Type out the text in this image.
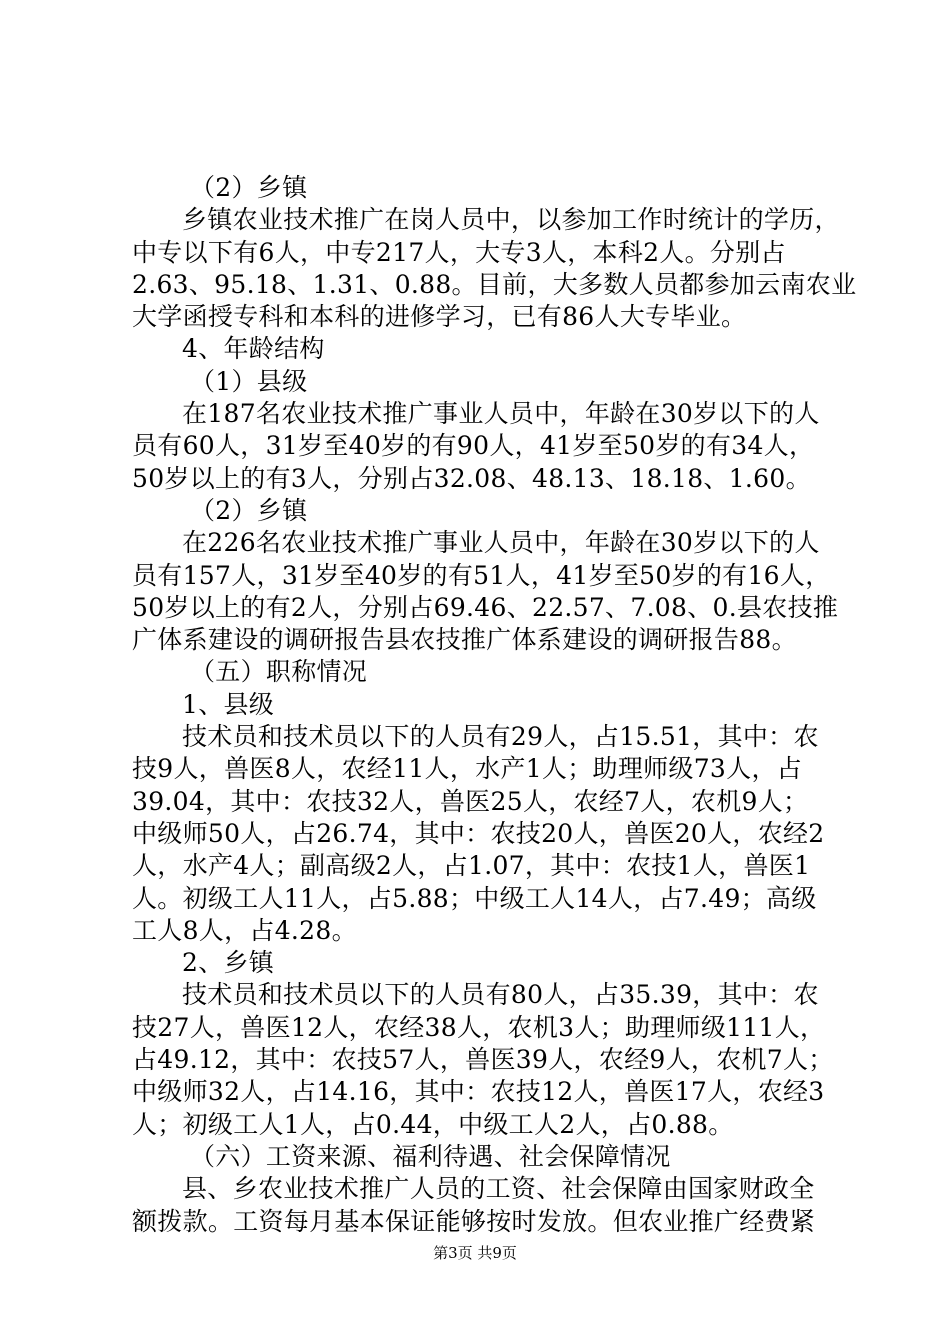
（2）乡镇
乡镇农业技术推广在岗人员中，以参加工作时统计的学历，
中专以下有6人，中专217人，大专3人，本科2人。分别占
2.63、95.18、1.31、0.88。目前，大多数人员都参加云南农业
大学函授专科和本科的进修学习，已有86人大专毕业。
4、年龄结构
（1）县级
在187名农业技术推广事业人员中，年龄在30岁以下的人
员有60人，31岁至40岁的有90人，41岁至50岁的有34人，
50岁以上的有3人，分别占32.08、48.13、18.18、1.60。
（2）乡镇
在226名农业技术推广事业人员中，年龄在30岁以下的人
员有157人，31岁至40岁的有51人，41岁至50岁的有16人，
50岁以上的有2人，分别占69.46、22.57、7.08、0.县农技推
广体系建设的调研报告县农技推广体系建设的调研报告88。
（五）职称情况
1、县级
技术员和技术员以下的人员有29人，占15.51，其中：农
技9人，兽医8人，农经11人，水产1人；助理师级73人，占
39.04，其中：农技32人，兽医25人，农经7人，农机9人；
中级师50人，占26.74，其中：农技20人，兽医20人，农经2
人，水产4人；副高级2人，占1.07，其中：农技1人，兽医1
人。初级工人11人，占5.88；中级工人14人，占7.49；高级
工人8人，占4.28。
2、乡镇
技术员和技术员以下的人员有80人，占35.39，其中：农
技27人，兽医12人，农经38人，农机3人；助理师级111人，
占49.12，其中：农技57人，兽医39人，农经9人，农机7人；
中级师32人，占14.16，其中：农技12人，兽医17人，农经3
人；初级工人1人，占0.44，中级工人2人，占0.88。
（六）工资来源、福利待遇、社会保障情况
县、乡农业技术推广人员的工资、社会保障由国家财政全
额拨款。工资每月基本保证能够按时发放。但农业推广经费紧
第3页 共9页
